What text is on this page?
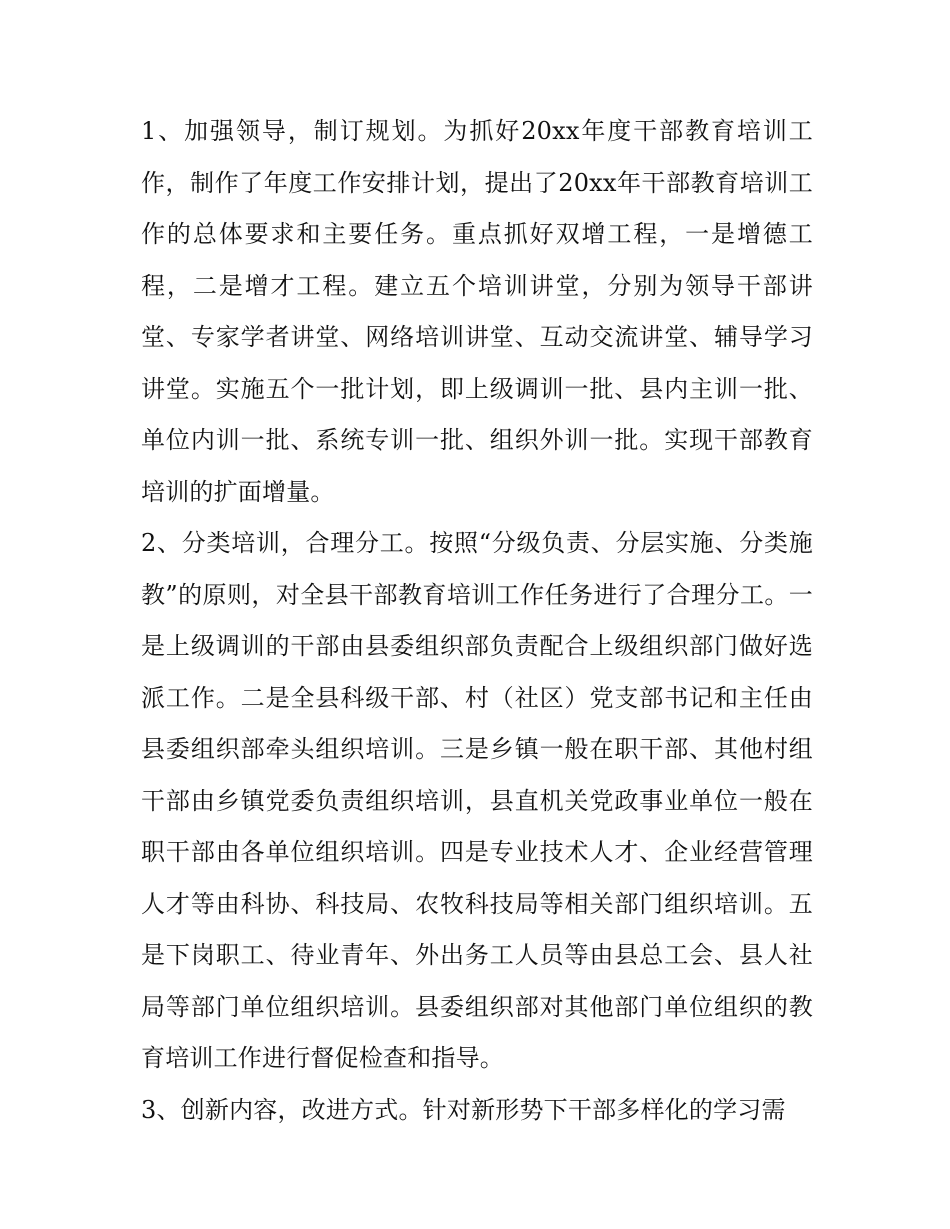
1、加强领导，制订规划。为抓好20xx年度干部教育培训工作，制作了年度工作安排计划，提出了20xx年干部教育培训工作的总体要求和主要任务。重点抓好双增工程，一是增德工程，二是增才工程。建立五个培训讲堂，分别为领导干部讲堂、专家学者讲堂、网络培训讲堂、互动交流讲堂、辅导学习讲堂。实施五个一批计划，即上级调训一批、县内主训一批、单位内训一批、系统专训一批、组织外训一批。实现干部教育培训的扩面增量。

2、分类培训，合理分工。按照“分级负责、分层实施、分类施教”的原则，对全县干部教育培训工作任务进行了合理分工。一是上级调训的干部由县委组织部负责配合上级组织部门做好选派工作。二是全县科级干部、村（社区）党支部书记和主任由县委组织部牵头组织培训。三是乡镇一般在职干部、其他村组干部由乡镇党委负责组织培训，县直机关党政事业单位一般在职干部由各单位组织培训。四是专业技术人才、企业经营管理人才等由科协、科技局、农牧科技局等相关部门组织培训。五是下岗职工、待业青年、外出务工人员等由县总工会、县人社局等部门单位组织培训。县委组织部对其他部门单位组织的教育培训工作进行督促检查和指导。

3、创新内容，改进方式。针对新形势下干部多样化的学习需
